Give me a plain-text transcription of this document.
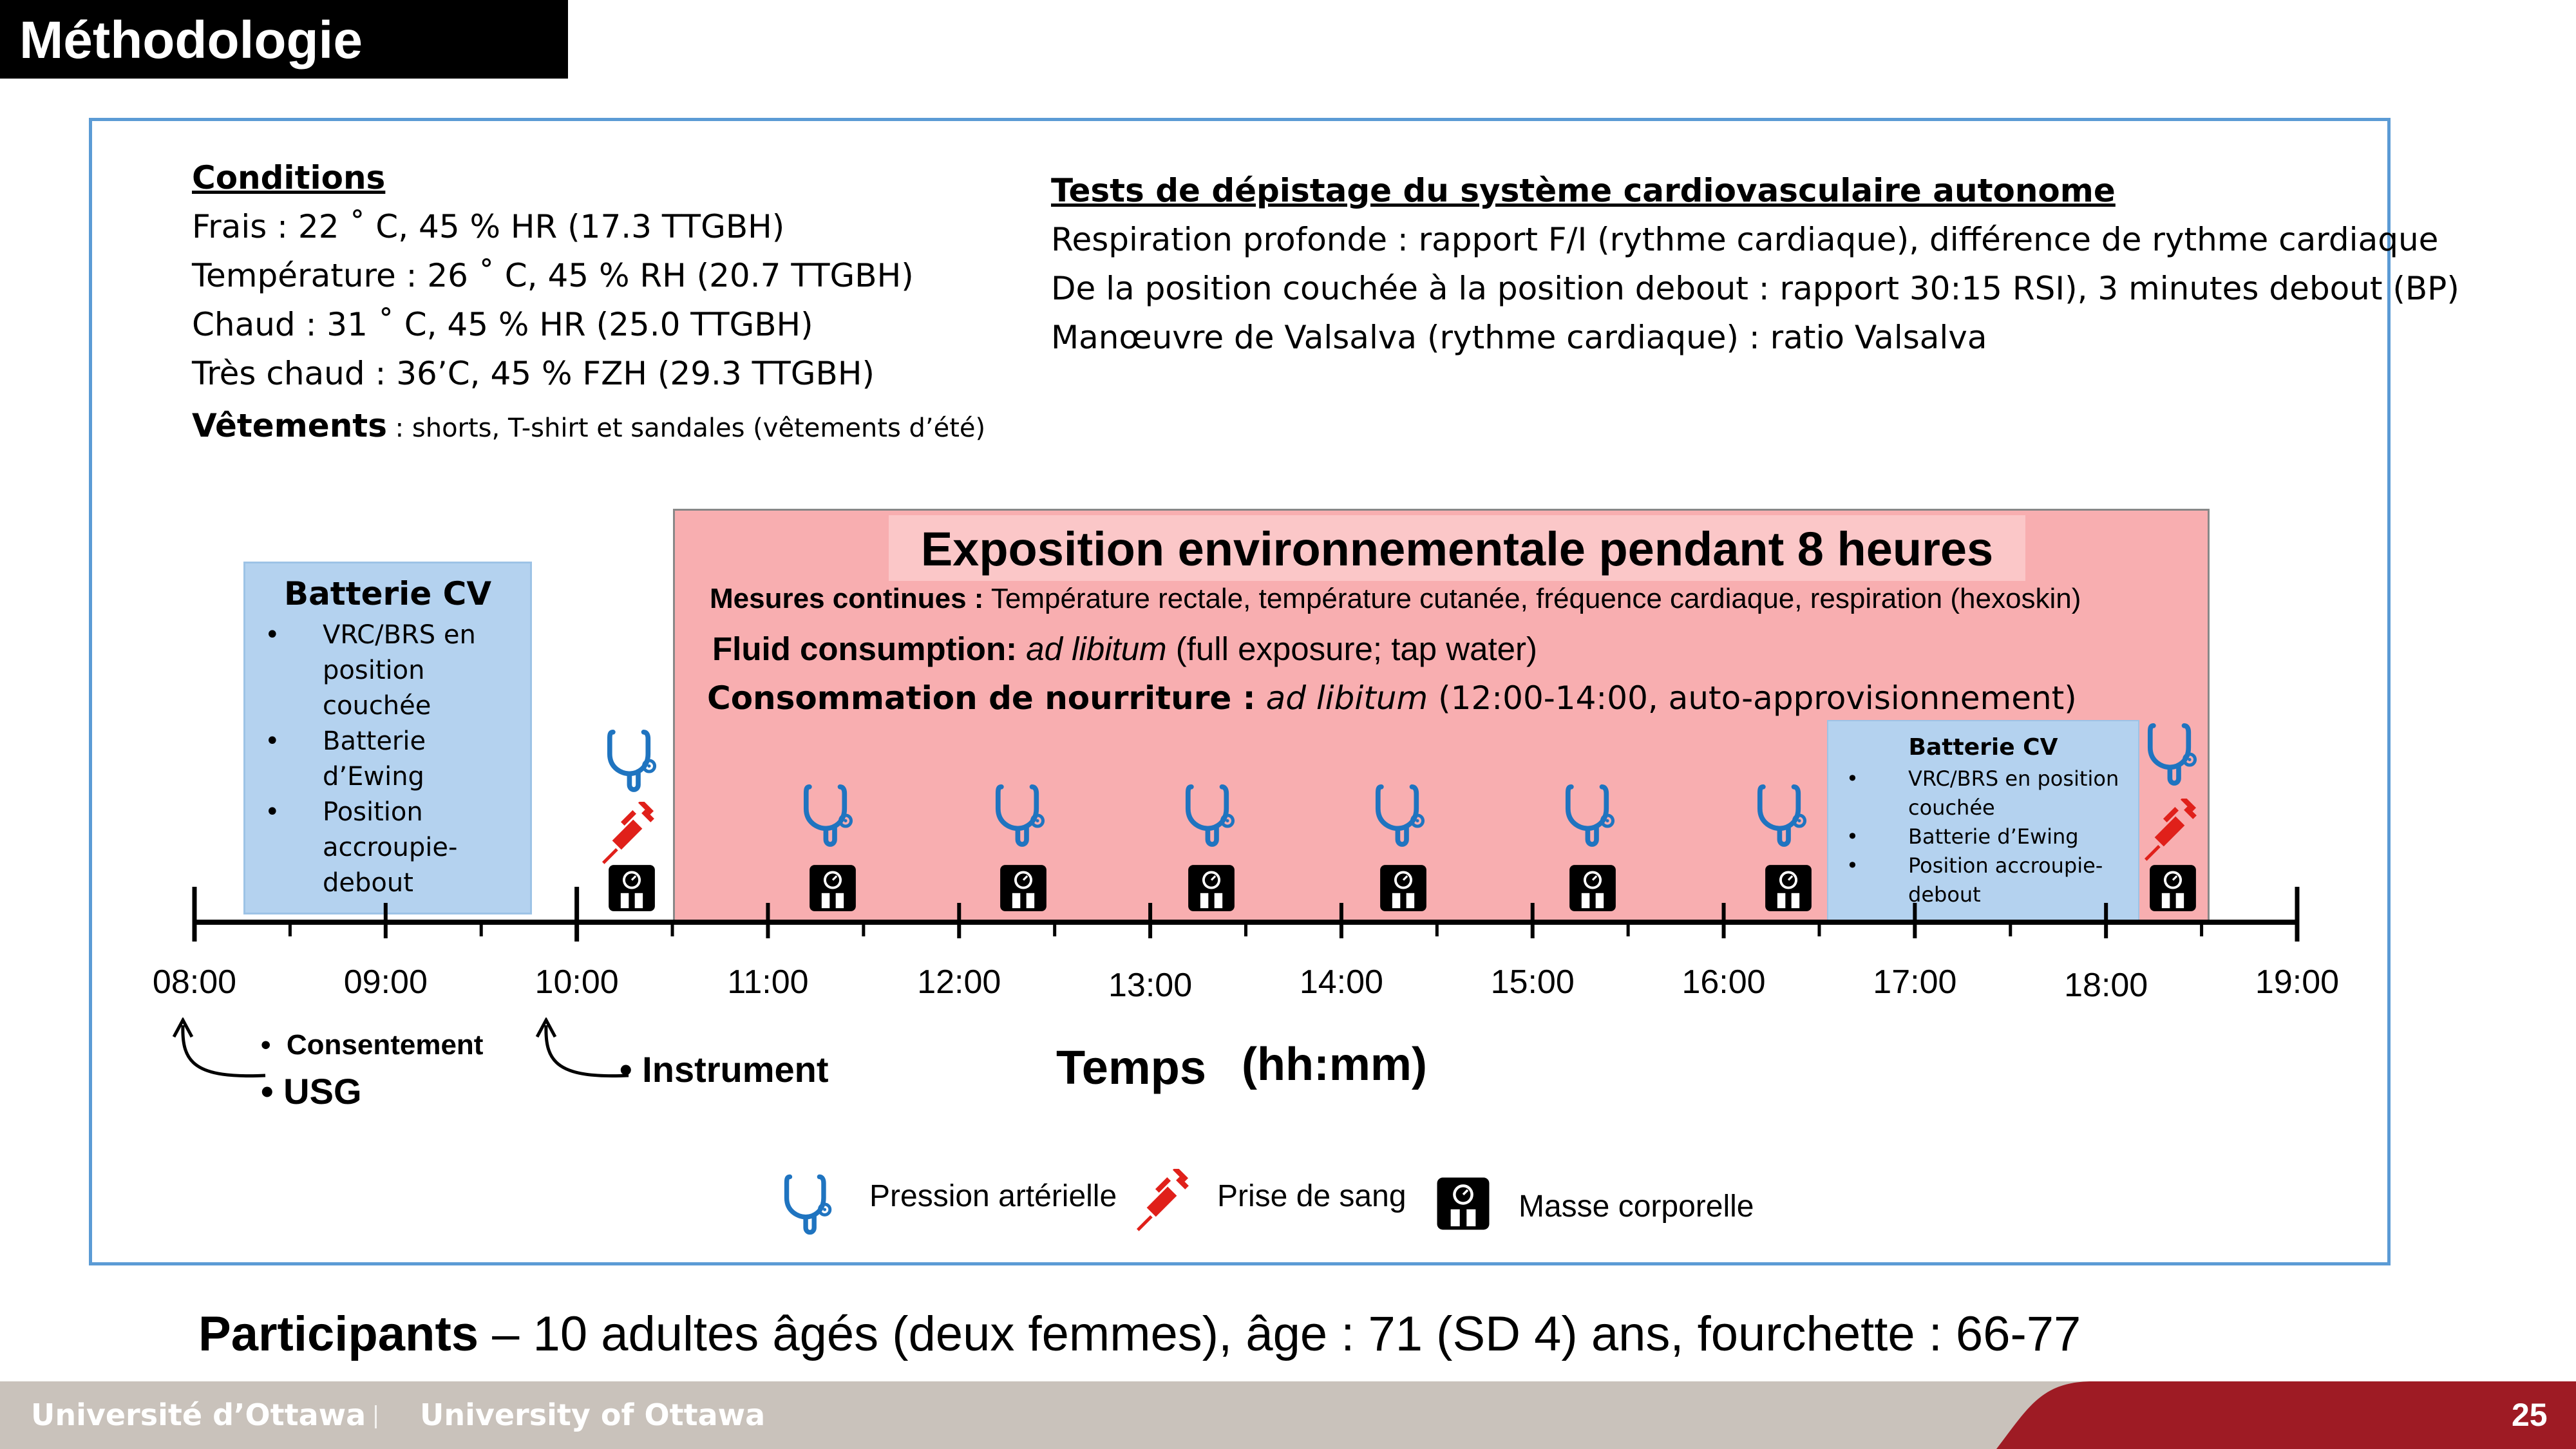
Méthodologie
Conditions
Frais : 22 ˚ C, 45 % HR (17.3 TTGBH)
Température : 26 ˚ C, 45 % RH (20.7 TTGBH)
Chaud : 31 ˚ C, 45 % HR (25.0 TTGBH)
Très chaud : 36’C, 45 % FZH (29.3 TTGBH)
Vêtements : shorts, T-shirt et sandales (vêtements d’été)
Tests de dépistage du système cardiovasculaire autonome
Respiration profonde : rapport F/I (rythme cardiaque), différence de rythme cardiaque
De la position couchée à la position debout : rapport 30:15 RSI), 3 minutes debout (BP)
Manœuvre de Valsalva (rythme cardiaque) : ratio Valsalva
Exposition environnementale pendant 8 heures
Mesures continues : Température rectale, température cutanée, fréquence cardiaque, respiration (hexoskin)
Fluid consumption: ad libitum (full exposure; tap water)
Consommation de nourriture : ad libitum (12:00-14:00, auto-approvisionnement)
Batterie CV
• VRC/BRS en position couchée
• Batterie d’Ewing
• Position accroupie-debout
Batterie CV
• VRC/BRS en position couchée
• Batterie d’Ewing
• Position accroupie-debout
08:00	09:00	10:00	11:00	12:00	13:00	14:00	15:00	16:00	17:00	18:00	19:00
•  Consentement
• USG
• Instrument	Temps (hh:mm)
Pression artérielle	Prise de sang	Masse corporelle
Participants – 10 adultes âgés (deux femmes), âge : 71 (SD 4) ans, fourchette : 66-77
Université d’Ottawa University of Ottawa	25
